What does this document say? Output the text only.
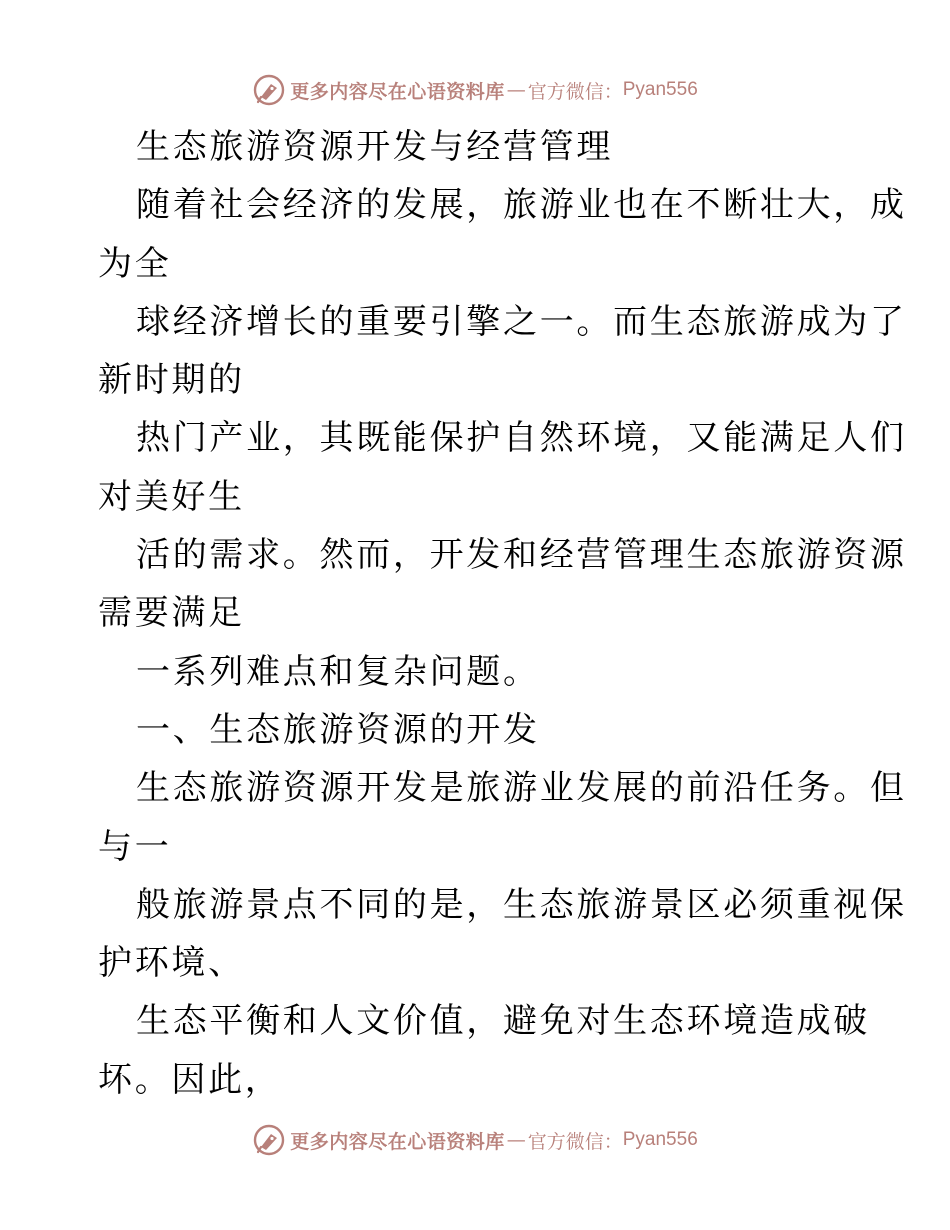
更多内容尽在心语资料库 — 官方微信： Pyan556

生态旅游资源开发与经营管理

随着社会经济的发展，旅游业也在不断壮大，成

为全

球经济增长的重要引擎之一。而生态旅游成为了

新时期的

热门产业，其既能保护自然环境，又能满足人们

对美好生

活的需求。然而，开发和经营管理生态旅游资源

需要满足

一系列难点和复杂问题。

一、生态旅游资源的开发

生态旅游资源开发是旅游业发展的前沿任务。但

与一

般旅游景点不同的是，生态旅游景区必须重视保

护环境、

生态平衡和人文价值，避免对生态环境造成破

坏。因此，

更多内容尽在心语资料库 — 官方微信： Pyan556
